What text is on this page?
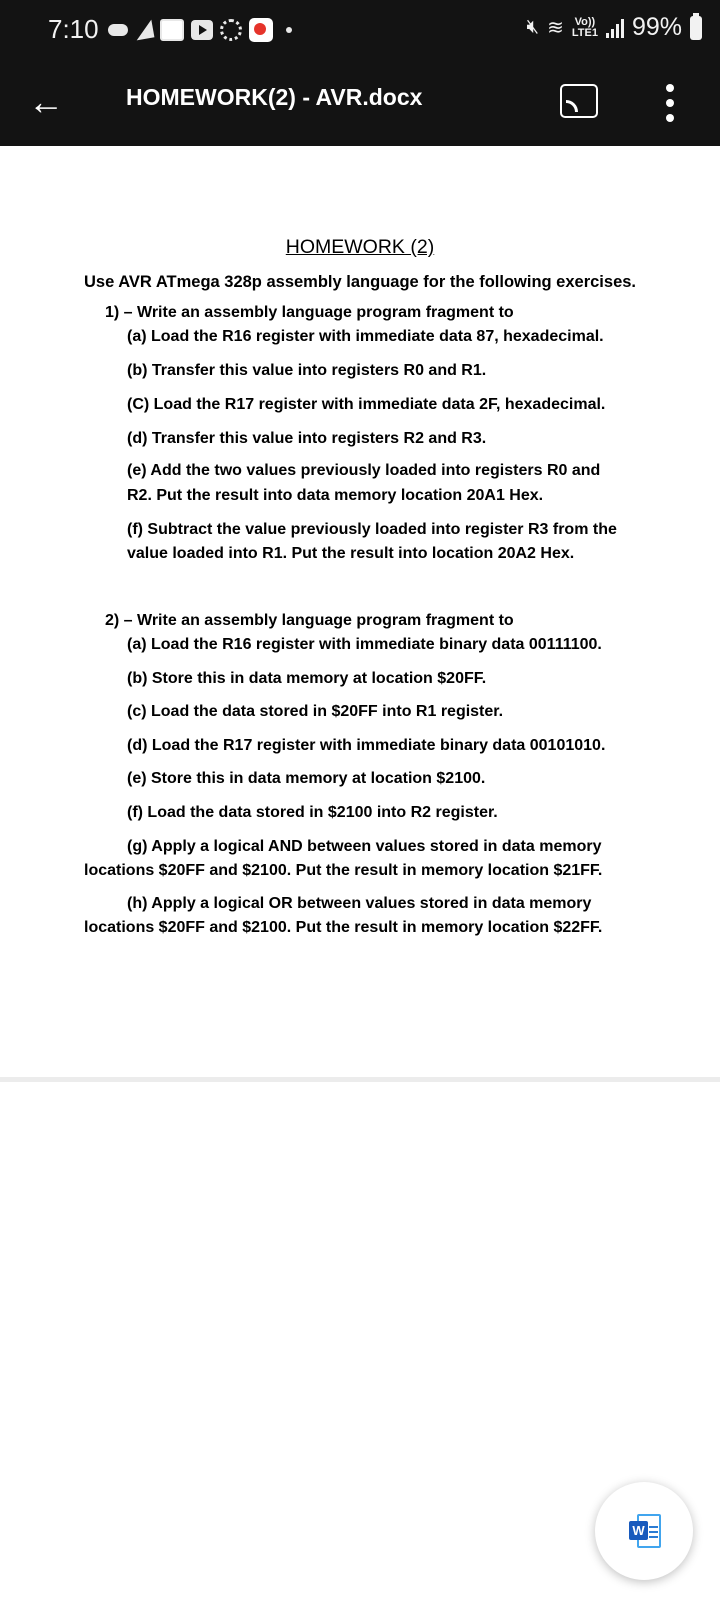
7:10	🔇︎ ≋ Vo))
LTE1 99%
←	HOMEWORK(2) - AVR.docx
HOMEWORK (2)
Use AVR ATmega 328p assembly language for the following exercises.
1) – Write an assembly language program fragment to
(a) Load the R16 register with immediate data 87, hexadecimal.
(b) Transfer this value into registers R0 and R1.
(C) Load the R17 register with immediate data 2F, hexadecimal.
(d) Transfer this value into registers R2 and R3.
(e) Add the two values previously loaded into registers R0 and
R2. Put the result into data memory location 20A1 Hex.
(f) Subtract the value previously loaded into register R3 from the
value loaded into R1. Put the result into location 20A2 Hex.
2) – Write an assembly language program fragment to
(a) Load the R16 register with immediate binary data 00111100.
(b) Store this in data memory at location $20FF.
(c) Load the data stored in $20FF into R1 register.
(d) Load the R17 register with immediate binary data 00101010.
(e) Store this in data memory at location $2100.
(f) Load the data stored in $2100 into R2 register.
(g) Apply a logical AND between values stored in data memory
locations $20FF and $2100. Put the result in memory location $21FF.
(h) Apply a logical OR between values stored in data memory
locations $20FF and $2100. Put the result in memory location $22FF.
W
